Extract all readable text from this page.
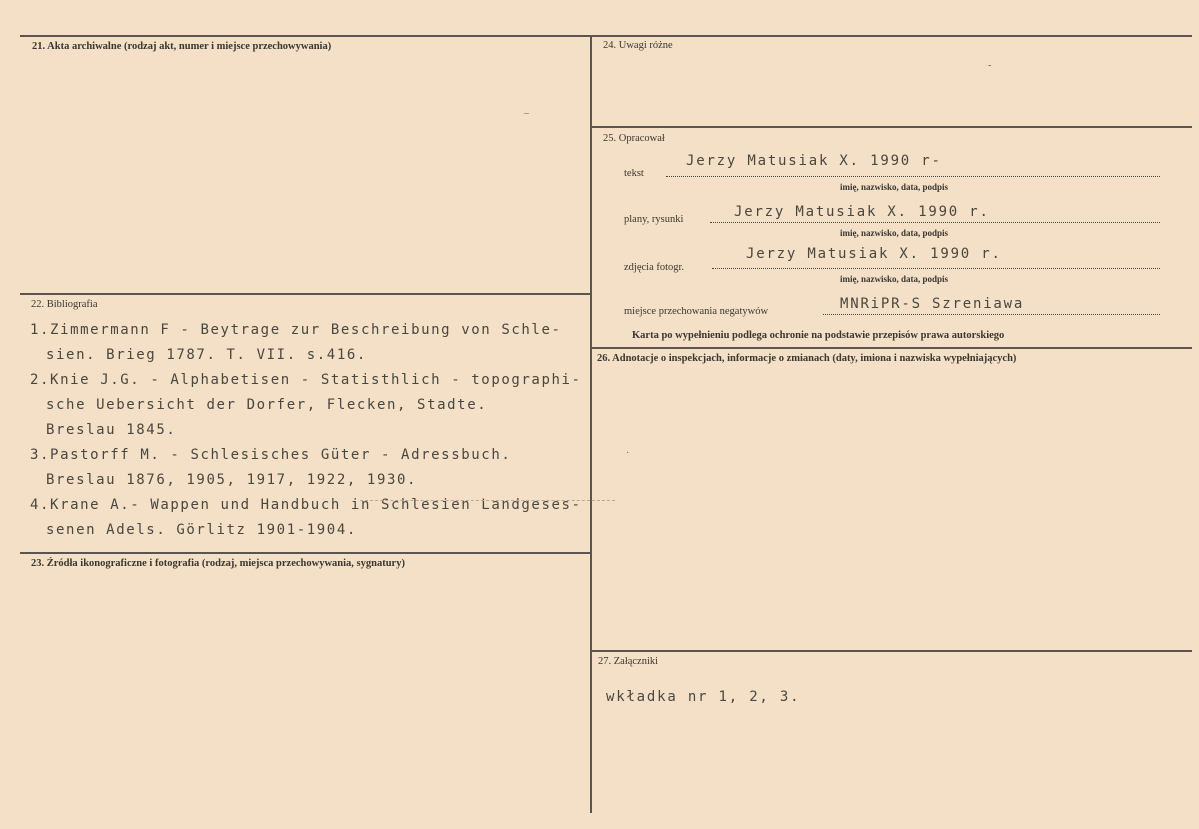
21. Akta archiwalne (rodzaj akt, numer i miejsce przechowywania)
–
22. Bibliografia
1.Zimmermann F - Beytrage zur Beschreibung von Schle-
sien. Brieg 1787. T. VII. s.416.
2.Knie J.G. - Alphabetisen - Statisthlich - topographi-
sche Uebersicht der Dorfer, Flecken, Stadte.
Breslau 1845.
3.Pastorff M. - Schlesisches Güter - Adressbuch.
Breslau 1876, 1905, 1917, 1922, 1930.
4.Krane A.- Wappen und Handbuch in Schlesien Landgeses-
senen Adels. Görlitz 1901-1904.
23. Źródła ikonograficzne i fotografia (rodzaj, miejsca przechowywania, sygnatury)
24. Uwagi różne
-
25. Opracował
tekst
Jerzy Matusiak X. 1990 r-
imię, nazwisko, data, podpis
plany, rysunki	Jerzy Matusiak X. 1990 r.
imię, nazwisko, data, podpis
zdjęcia fotogr.
Jerzy Matusiak X. 1990 r.
imię, nazwisko, data, podpis
miejsce przechowania negatywów	MNRiPR-S Szreniawa
Karta po wypełnieniu podlega ochronie na podstawie przepisów prawa autorskiego
26. Adnotacje o inspekcjach, informacje o zmianach (daty, imiona i nazwiska wypełniających)
·
27. Załączniki
wkładka nr 1, 2, 3.
